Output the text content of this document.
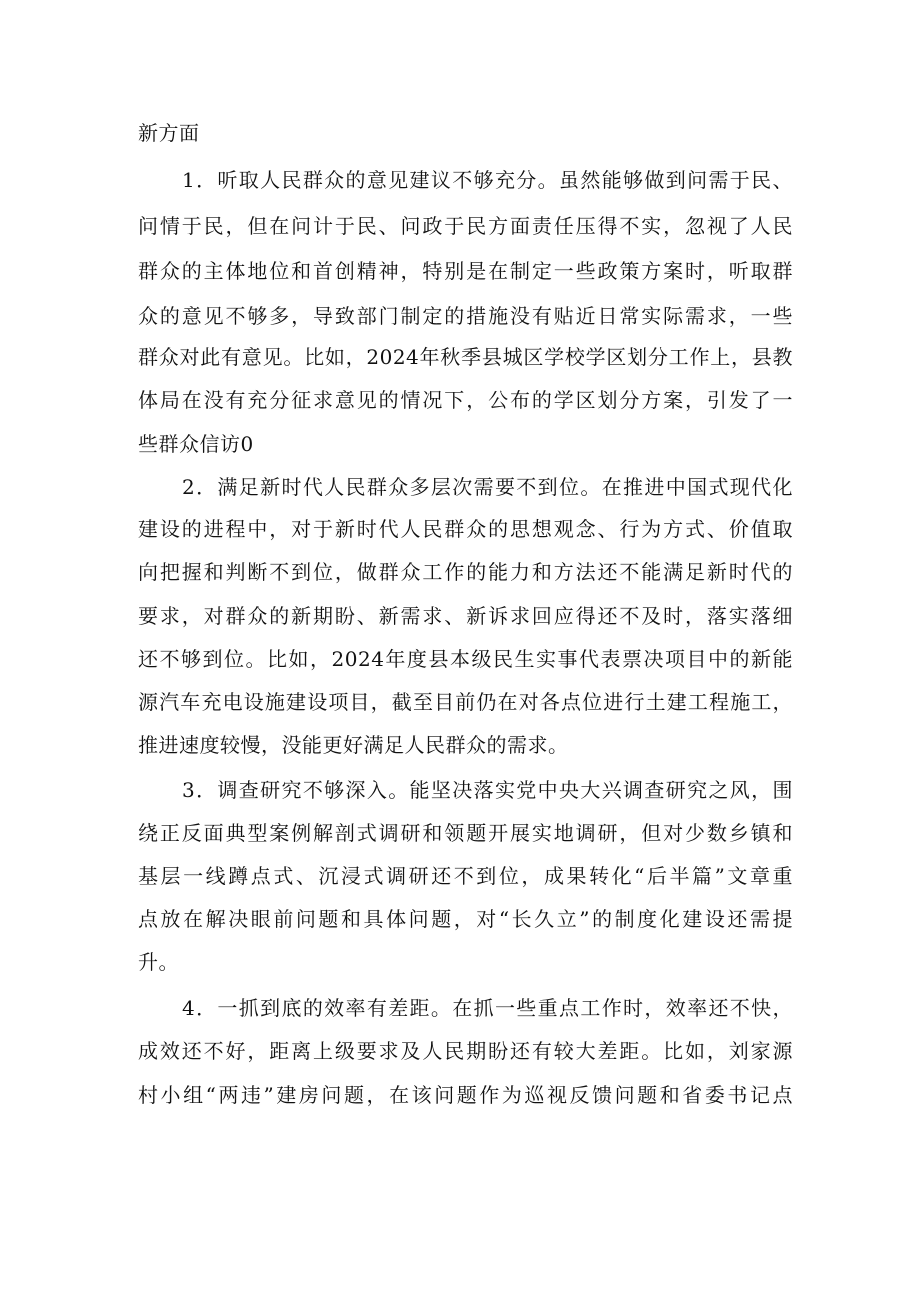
新方面
1．听取人民群众的意见建议不够充分。虽然能够做到问需于民、
问情于民，但在问计于民、问政于民方面责任压得不实，忽视了人民
群众的主体地位和首创精神，特别是在制定一些政策方案时，听取群
众的意见不够多，导致部门制定的措施没有贴近日常实际需求，一些
群众对此有意见。比如，2024年秋季县城区学校学区划分工作上，县教
体局在没有充分征求意见的情况下，公布的学区划分方案，引发了一
些群众信访0
2．满足新时代人民群众多层次需要不到位。在推进中国式现代化
建设的进程中，对于新时代人民群众的思想观念、行为方式、价值取
向把握和判断不到位，做群众工作的能力和方法还不能满足新时代的
要求，对群众的新期盼、新需求、新诉求回应得还不及时，落实落细
还不够到位。比如，2024年度县本级民生实事代表票决项目中的新能
源汽车充电设施建设项目，截至目前仍在对各点位进行土建工程施工，
推进速度较慢，没能更好满足人民群众的需求。
3．调查研究不够深入。能坚决落实党中央大兴调查研究之风，围
绕正反面典型案例解剖式调研和领题开展实地调研，但对少数乡镇和
基层一线蹲点式、沉浸式调研还不到位，成果转化“后半篇”文章重
点放在解决眼前问题和具体问题，对“长久立”的制度化建设还需提
升。
4．一抓到底的效率有差距。在抓一些重点工作时，效率还不快，
成效还不好，距离上级要求及人民期盼还有较大差距。比如，刘家源
村小组“两违”建房问题，在该问题作为巡视反馈问题和省委书记点
